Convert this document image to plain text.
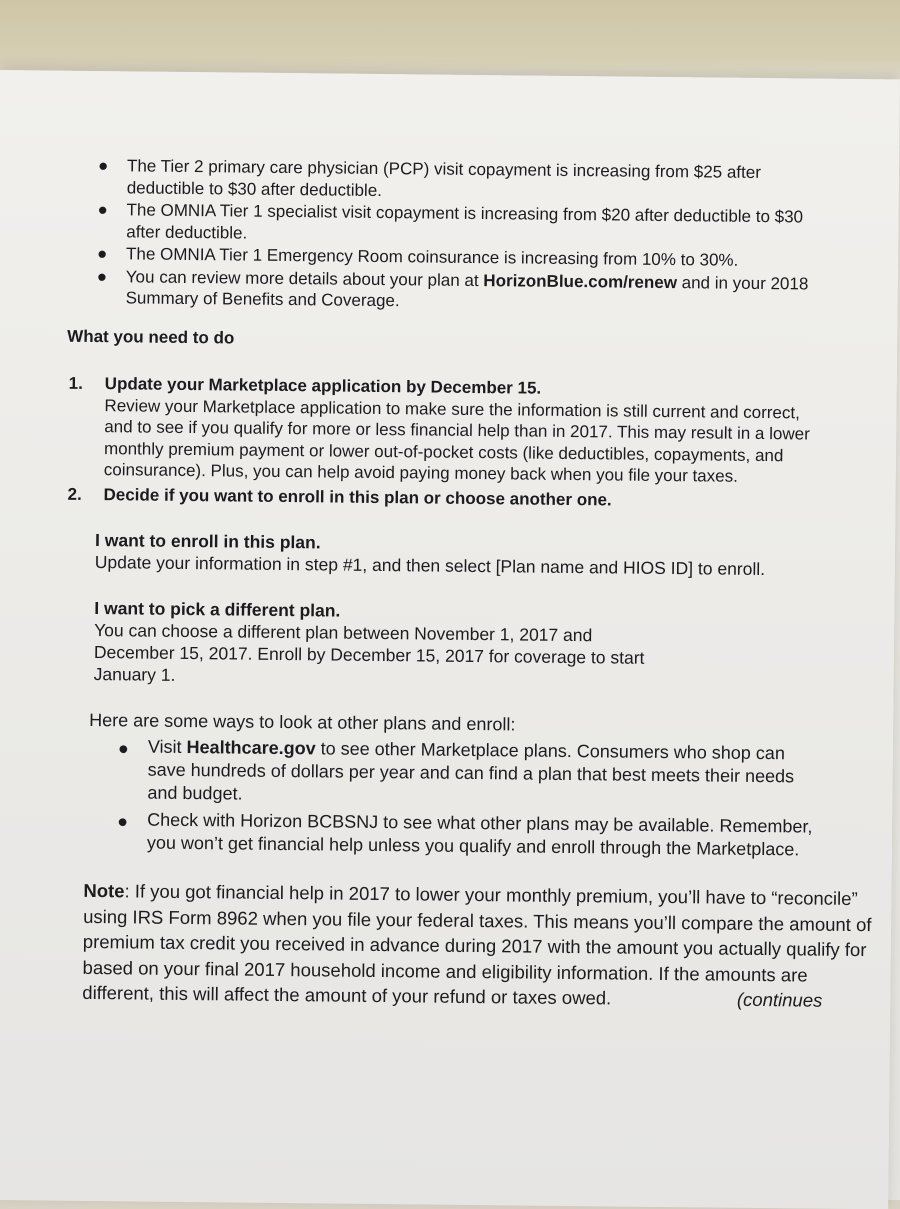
● The Tier 2 primary care physician (PCP) visit copayment is increasing from $25 after deductible to $30 after deductible.
● The OMNIA Tier 1 specialist visit copayment is increasing from $20 after deductible to $30 after deductible.
● The OMNIA Tier 1 Emergency Room coinsurance is increasing from 10% to 30%.
● You can review more details about your plan at HorizonBlue.com/renew and in your 2018 Summary of Benefits and Coverage.
What you need to do
1. Update your Marketplace application by December 15.
Review your Marketplace application to make sure the information is still current and correct, and to see if you qualify for more or less financial help than in 2017. This may result in a lower monthly premium payment or lower out-of-pocket costs (like deductibles, copayments, and coinsurance). Plus, you can help avoid paying money back when you file your taxes.
2. Decide if you want to enroll in this plan or choose another one.
I want to enroll in this plan.
Update your information in step #1, and then select [Plan name and HIOS ID] to enroll.
I want to pick a different plan.
You can choose a different plan between November 1, 2017 and
December 15, 2017. Enroll by December 15, 2017 for coverage to start
January 1.
Here are some ways to look at other plans and enroll:
● Visit Healthcare.gov to see other Marketplace plans. Consumers who shop can save hundreds of dollars per year and can find a plan that best meets their needs and budget.
● Check with Horizon BCBSNJ to see what other plans may be available. Remember, you won’t get financial help unless you qualify and enroll through the Marketplace.
Note: If you got financial help in 2017 to lower your monthly premium, you’ll have to “reconcile” using IRS Form 8962 when you file your federal taxes. This means you’ll compare the amount of premium tax credit you received in advance during 2017 with the amount you actually qualify for based on your final 2017 household income and eligibility information. If the amounts are different, this will affect the amount of your refund or taxes owed.	(continues
